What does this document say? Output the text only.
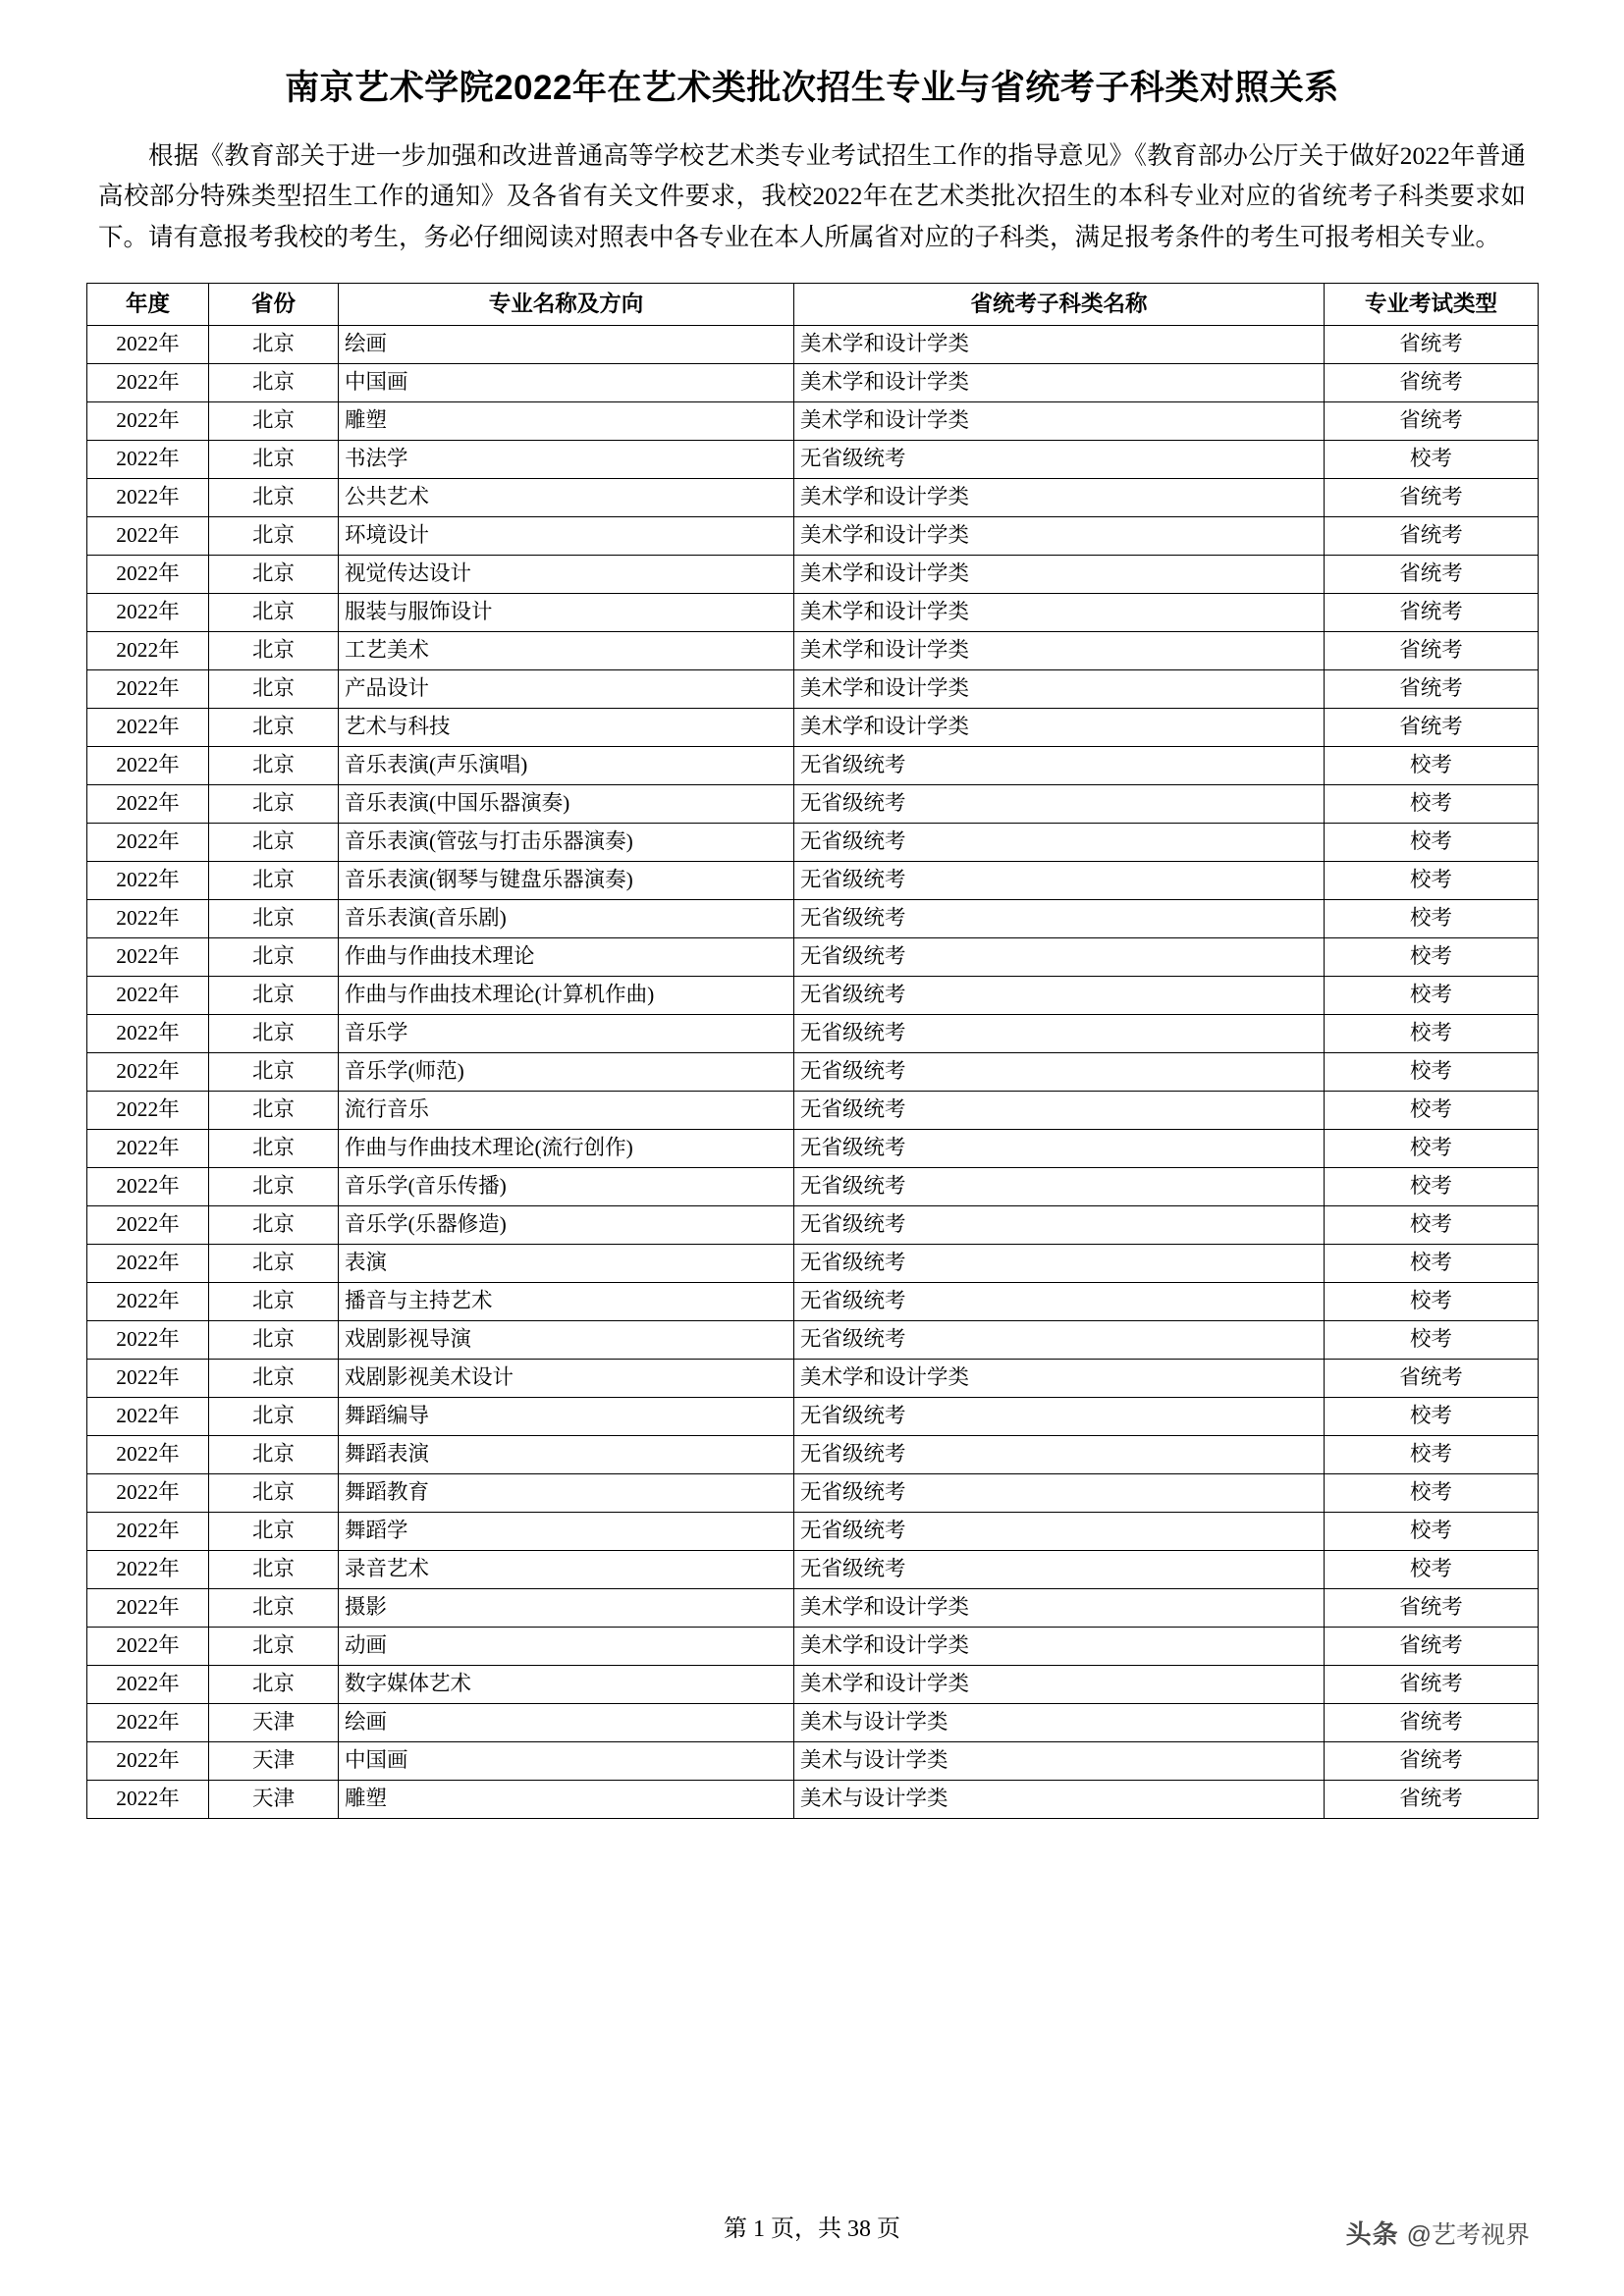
南京艺术学院2022年在艺术类批次招生专业与省统考子科类对照关系

根据《教育部关于进一步加强和改进普通高等学校艺术类专业考试招生工作的指导意见》《教育部办公厅关于做好2022年普通高校部分特殊类型招生工作的通知》及各省有关文件要求，我校2022年在艺术类批次招生的本科专业对应的省统考子科类要求如下。请有意报考我校的考生，务必仔细阅读对照表中各专业在本人所属省对应的子科类，满足报考条件的考生可报考相关专业。

年度	省份	专业名称及方向	省统考子科类名称	专业考试类型
2022年	北京	绘画	美术学和设计学类	省统考
2022年	北京	中国画	美术学和设计学类	省统考
2022年	北京	雕塑	美术学和设计学类	省统考
2022年	北京	书法学	无省级统考	校考
2022年	北京	公共艺术	美术学和设计学类	省统考
2022年	北京	环境设计	美术学和设计学类	省统考
2022年	北京	视觉传达设计	美术学和设计学类	省统考
2022年	北京	服装与服饰设计	美术学和设计学类	省统考
2022年	北京	工艺美术	美术学和设计学类	省统考
2022年	北京	产品设计	美术学和设计学类	省统考
2022年	北京	艺术与科技	美术学和设计学类	省统考
2022年	北京	音乐表演(声乐演唱)	无省级统考	校考
2022年	北京	音乐表演(中国乐器演奏)	无省级统考	校考
2022年	北京	音乐表演(管弦与打击乐器演奏)	无省级统考	校考
2022年	北京	音乐表演(钢琴与键盘乐器演奏)	无省级统考	校考
2022年	北京	音乐表演(音乐剧)	无省级统考	校考
2022年	北京	作曲与作曲技术理论	无省级统考	校考
2022年	北京	作曲与作曲技术理论(计算机作曲)	无省级统考	校考
2022年	北京	音乐学	无省级统考	校考
2022年	北京	音乐学(师范)	无省级统考	校考
2022年	北京	流行音乐	无省级统考	校考
2022年	北京	作曲与作曲技术理论(流行创作)	无省级统考	校考
2022年	北京	音乐学(音乐传播)	无省级统考	校考
2022年	北京	音乐学(乐器修造)	无省级统考	校考
2022年	北京	表演	无省级统考	校考
2022年	北京	播音与主持艺术	无省级统考	校考
2022年	北京	戏剧影视导演	无省级统考	校考
2022年	北京	戏剧影视美术设计	美术学和设计学类	省统考
2022年	北京	舞蹈编导	无省级统考	校考
2022年	北京	舞蹈表演	无省级统考	校考
2022年	北京	舞蹈教育	无省级统考	校考
2022年	北京	舞蹈学	无省级统考	校考
2022年	北京	录音艺术	无省级统考	校考
2022年	北京	摄影	美术学和设计学类	省统考
2022年	北京	动画	美术学和设计学类	省统考
2022年	北京	数字媒体艺术	美术学和设计学类	省统考
2022年	天津	绘画	美术与设计学类	省统考
2022年	天津	中国画	美术与设计学类	省统考
2022年	天津	雕塑	美术与设计学类	省统考
第 1 页，共 38 页	头条 @艺考视界
